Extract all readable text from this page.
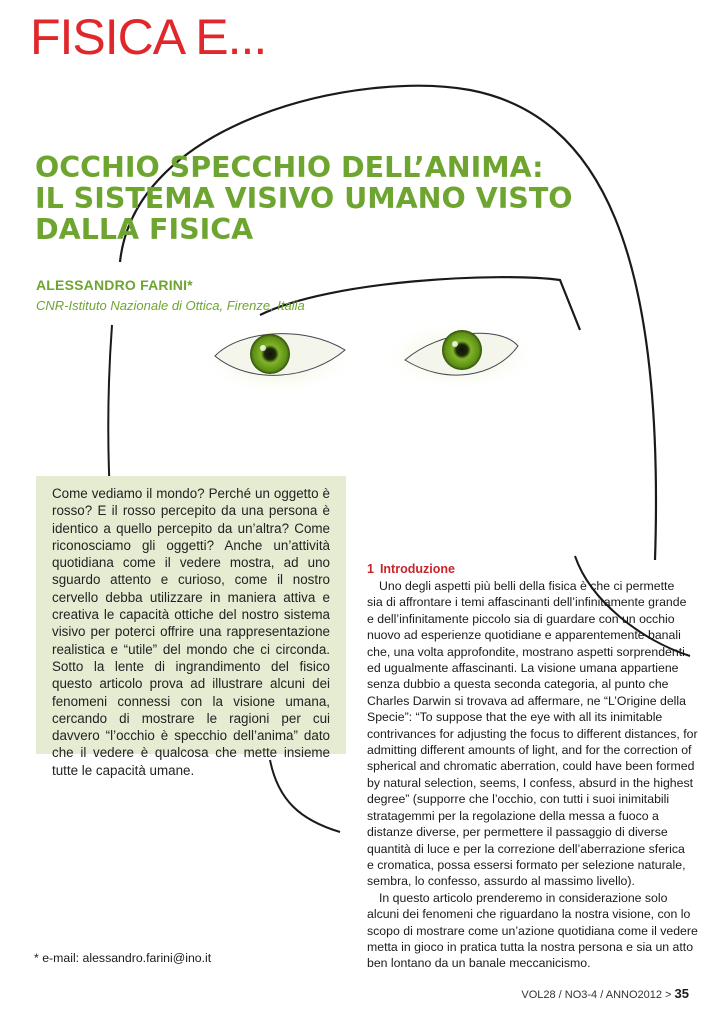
FISICA E...
OCCHIO SPECCHIO DELL’ANIMA:
IL SISTEMA VISIVO UMANO VISTO
DALLA FISICA

ALESSANDRO FARINI*

CNR-Istituto Nazionale di Ottica, Firenze, Italia

Come vediamo il mondo? Perché un oggetto è rosso? E il rosso percepito da una persona è identico a quello percepito da un’altra? Come riconosciamo gli oggetti? Anche un’attività quotidiana come il vedere mostra, ad uno sguardo attento e curioso, come il nostro cervello debba utilizzare in maniera attiva e creativa le capacità ottiche del nostro sistema visivo per poterci offrire una rappresentazione realistica e “utile” del mondo che ci circonda. Sotto la lente di ingrandimento del fisico questo articolo prova ad illustrare alcuni dei fenomeni connessi con la visione umana, cercando di mostrare le ragioni per cui davvero “l’occhio è specchio dell’anima” dato che il vedere è qualcosa che mette insieme tutte le capacità umane.

1 Introduzione

Uno degli aspetti più belli della fisica è che ci permette
sia di affrontare i temi affascinanti dell’infinitamente grande
e dell’infinitamente piccolo sia di guardare con un occhio
nuovo ad esperienze quotidiane e apparentemente banali
che, una volta approfondite, mostrano aspetti sorprendenti
ed ugualmente affascinanti. La visione umana appartiene
senza dubbio a questa seconda categoria, al punto che
Charles Darwin si trovava ad affermare, ne “L’Origine della
Specie”: “To suppose that the eye with all its inimitable
contrivances for adjusting the focus to different distances, for
admitting different amounts of light, and for the correction of
spherical and chromatic aberration, could have been formed
by natural selection, seems, I confess, absurd in the highest
degree” (supporre che l’occhio, con tutti i suoi inimitabili
stratagemmi per la regolazione della messa a fuoco a
distanze diverse, per permettere il passaggio di diverse
quantità di luce e per la correzione dell’aberrazione sferica
e cromatica, possa essersi formato per selezione naturale,
sembra, lo confesso, assurdo al massimo livello).

In questo articolo prenderemo in considerazione solo
alcuni dei fenomeni che riguardano la nostra visione, con lo
scopo di mostrare come un’azione quotidiana come il vedere
metta in gioco in pratica tutta la nostra persona e sia un atto
ben lontano da un banale meccanicismo.

* e-mail: alessandro.farini@ino.it

VOL28 / NO3-4 / ANNO2012 > 35
